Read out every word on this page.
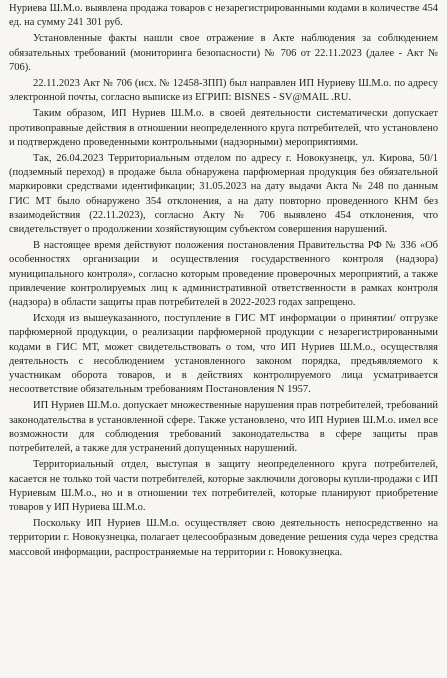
Нуриева Ш.М.о. выявлена продажа товаров с незарегистрированными кодами в количестве 454 ед. на сумму 241 301 руб.

Установленные факты нашли свое отражение в Акте наблюдения за соблюдением обязательных требований (мониторинга безопасности) № 706 от 22.11.2023 (далее - Акт № 706).

22.11.2023 Акт № 706 (исх. № 12458-ЗПП) был направлен ИП Нуриеву Ш.М.о. по адресу электронной почты, согласно выписке из ЕГРИП: BISNES - SV@MAIL .RU.

Таким образом, ИП Нуриев Ш.М.о. в своей деятельности систематически допускает противоправные действия в отношении неопределенного круга потребителей, что установлено и подтверждено проведенными контрольными (надзорными) мероприятиями.

Так, 26.04.2023 Территориальным отделом по адресу г. Новокузнецк, ул. Кирова, 50/1 (подземный переход) в продаже была обнаружена парфюмерная продукция без обязательной маркировки средствами идентификации; 31.05.2023 на дату выдачи Акта № 248 по данным ГИС МТ было обнаружено 354 отклонения, а на дату повторно проведенного КНМ без взаимодействия (22.11.2023), согласно Акту № 706 выявлено 454 отклонения, что свидетельствует о продолжении хозяйствующим субъектом совершения нарушений.

В настоящее время действуют положения постановления Правительства РФ № 336 «Об особенностях организации и осуществления государственного контроля (надзора) муниципального контроля», согласно которым проведение проверочных мероприятий, а также привлечение контролируемых лиц к административной ответственности в рамках контроля (надзора) в области защиты прав потребителей в 2022-2023 годах запрещено.

Исходя из вышеуказанного, поступление в ГИС МТ информации о принятии/ отгрузке парфюмерной продукции, о реализации парфюмерной продукции с незарегистрированными кодами в ГИС МТ, может свидетельствовать о том, что ИП Нуриев Ш.М.о., осуществляя деятельность с несоблюдением установленного законом порядка, предъявляемого к участникам оборота товаров, и в действиях контролируемого лица усматривается несоответствие обязательным требованиям Постановления N 1957.

ИП Нуриев Ш.М.о. допускает множественные нарушения прав потребителей, требований законодательства в установленной сфере. Также установлено, что ИП Нуриев Ш.М.о. имел все возможности для соблюдения требований законодательства в сфере защиты прав потребителей, а также для устранений допущенных нарушений.

Территориальный отдел, выступая в защиту неопределенного круга потребителей, касается не только той части потребителей, которые заключили договоры купли-продажи с ИП Нуриевым Ш.М.о., но и в отношении тех потребителей, которые планируют приобретение товаров у ИП Нуриева Ш.М.о.

Поскольку ИП Нуриев Ш.М.о. осуществляет свою деятельность непосредственно на территории г. Новокузнецка, полагает целесообразным доведение решения суда через средства массовой информации, распространяемые на территории г. Новокузнецка.
